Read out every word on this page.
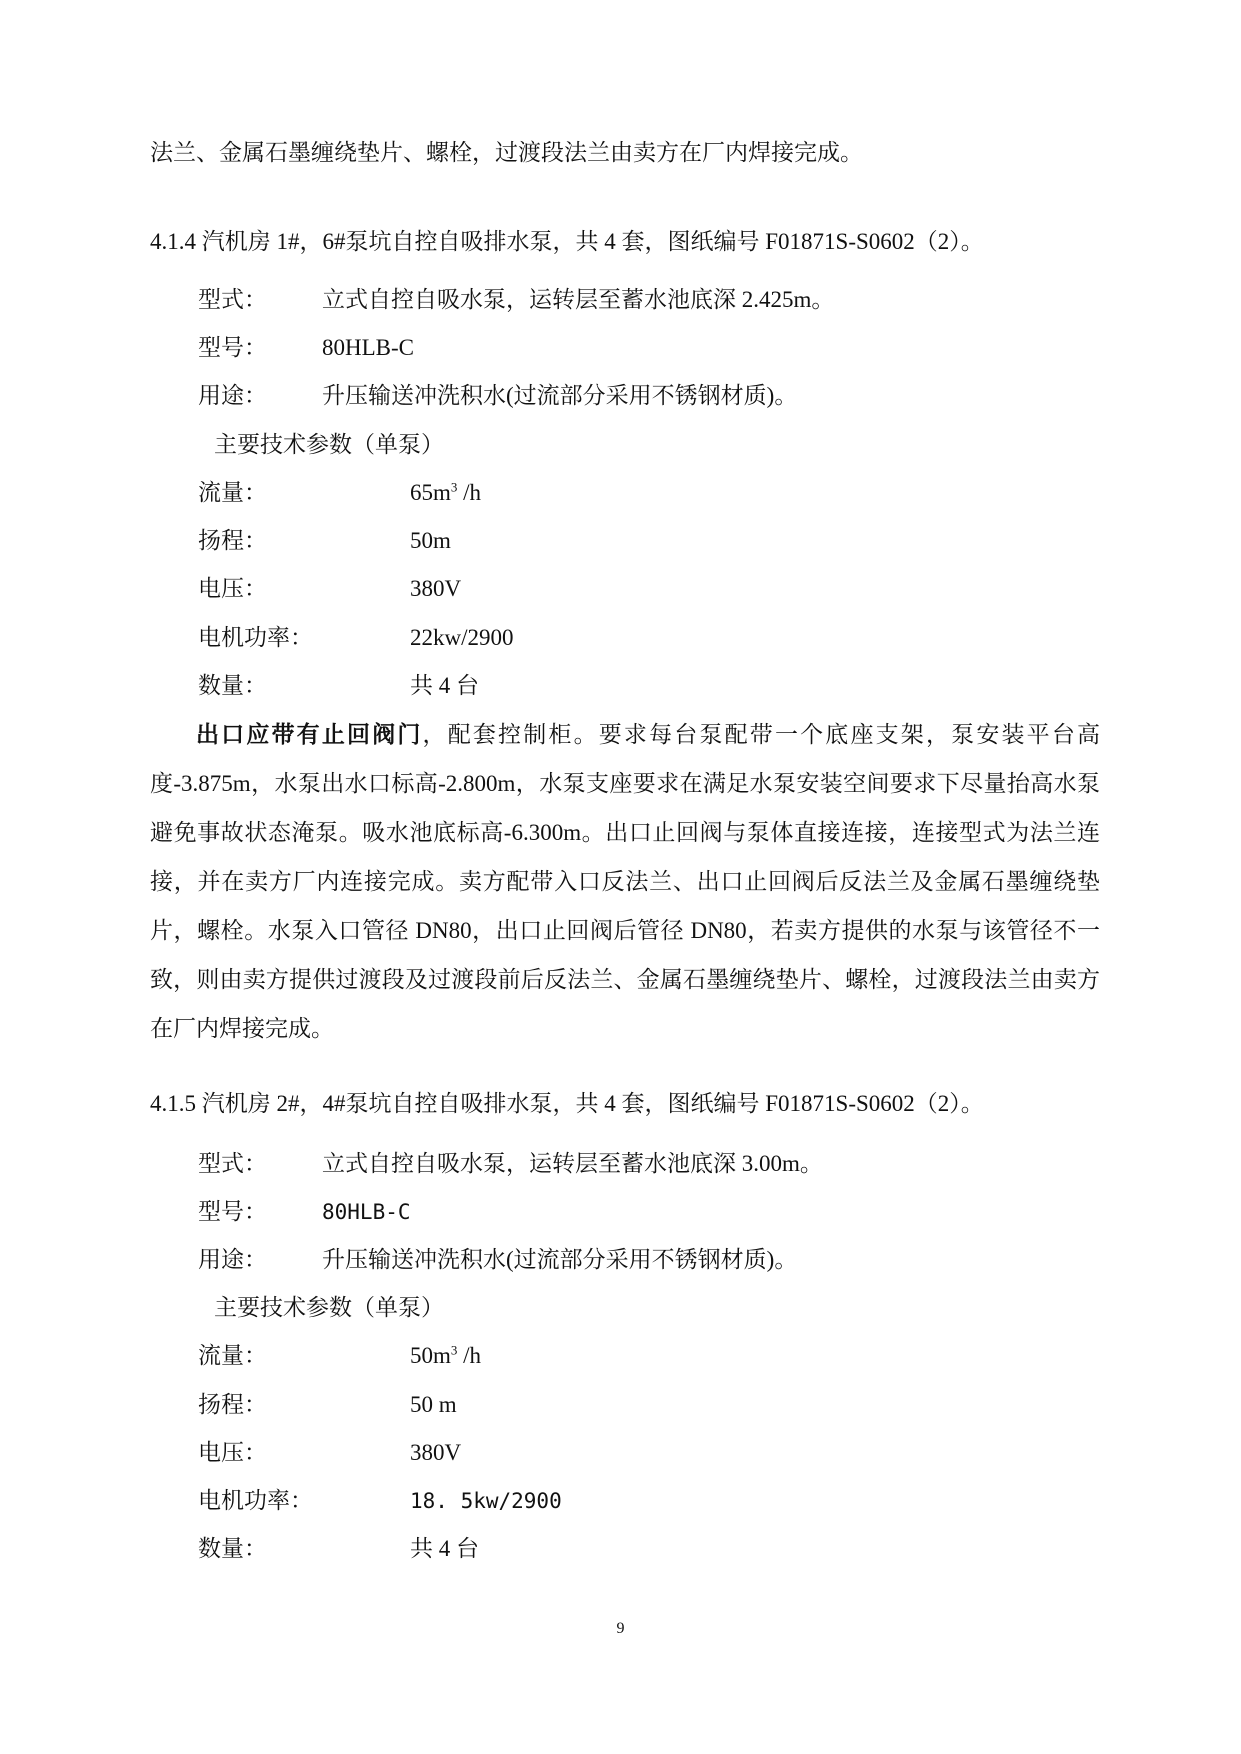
法兰、金属石墨缠绕垫片、螺栓，过渡段法兰由卖方在厂内焊接完成。
4.1.4 汽机房 1#，6#泵坑自控自吸排水泵，共 4 套，图纸编号 F01871S-S0602（2）。
型式： 立式自控自吸水泵，运转层至蓄水池底深 2.425m。
型号： 80HLB-C
用途： 升压输送冲洗积水(过流部分采用不锈钢材质)。
主要技术参数（单泵）
流量：	$65m^3$ /h
扬程：	50m
电压：	380V
电机功率：	22kw/2900
数量：	共 4 台
出口应带有止回阀门，配套控制柜。要求每台泵配带一个底座支架，泵安装平台高度-3.875m，水泵出水口标高-2.800m，水泵支座要求在满足水泵安装空间要求下尽量抬高水泵避免事故状态淹泵。吸水池底标高-6.300m。出口止回阀与泵体直接连接，连接型式为法兰连接，并在卖方厂内连接完成。卖方配带入口反法兰、出口止回阀后反法兰及金属石墨缠绕垫片，螺栓。水泵入口管径 DN80，出口止回阀后管径 DN80，若卖方提供的水泵与该管径不一致，则由卖方提供过渡段及过渡段前后反法兰、金属石墨缠绕垫片、螺栓，过渡段法兰由卖方在厂内焊接完成。
4.1.5 汽机房 2#，4#泵坑自控自吸排水泵，共 4 套，图纸编号 F01871S-S0602（2）。
型式： 立式自控自吸水泵，运转层至蓄水池底深 3.00m。
型号：	80HLB-C
用途： 升压输送冲洗积水(过流部分采用不锈钢材质)。
主要技术参数（单泵）
流量：	$50m^3$ /h
扬程：	50 m
电压：	380V
电机功率：	18. 5kw/2900
数量：	共 4 台
9
